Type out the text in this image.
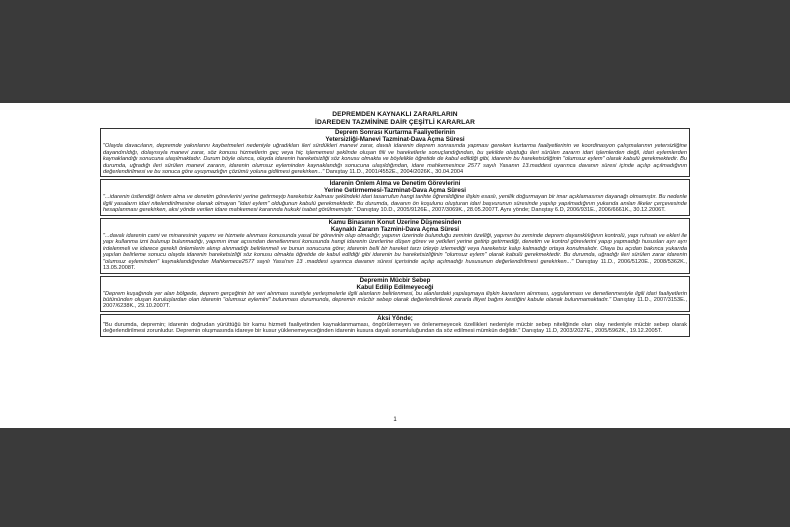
DEPREMDEN KAYNAKLI ZARARLARIN
İDAREDEN TAZMİNİNE DAİR ÇEŞİTLİ KARARLAR
Deprem Sonrası Kurtarma Faaliyetlerinin
Yetersizliği-Manevi Tazminat-Dava Açma Süresi
"Olayda davacıların, depremde yakınlarını kaybetmeleri nedeniyle uğradıkları ileri sürdükleri manevi zarar, davalı idarenin deprem sonrasında yapması gereken kurtarma faaliyetlerinin ve koordinasyon çalışmalarının yetersizliğine dayandırıldığı, dolayısıyla manevi zarar, söz konusu hizmetlerin geç veya hiç işlememesi şeklinde oluşan fiili ve hareketlerle sonuçlandığından, bu şekilde oluştuğu ileri sürülen zararın idari işlemlerden değil, idari eylemlerden kaynaklandığı sonucuna ulaşılmaktadır. Durum böyle olunca, olayda idarenin hareketsizliği söz konusu olmakta ve böylelikle öğretide de kabul edildiği gibi, idarenin bu hareketsizliğinin "olumsuz eylem" olarak kabulü gerekmektedir. Bu durumda, uğradığı ileri sürülen manevi zararın, idarenin olumsuz eyleminden kaynaklandığı sonucuna ulaşıldığından, idare mahkemesince 2577 sayılı Yasanın 13.maddesi uyarınca davanın süresi içinde açılıp açılmadığının değerlendirilmesi ve bu sonuca göre uyuşmazlığın çözümü yoluna gidilmesi gerekirken..." Danıştay 11.D., 2001/4552E., 2004/2026K., 30.04.2004
İdarenin Önlem Alma ve Denetim Görevlerini
Yerine Getirmemesi-Tazminat-Dava Açma Süresi
"...idarenin üstlendiği önlem alma ve denetim görevlerini yerine getirmeyip hareketsiz kalması şeklindeki idari tasarrufun hangi tarihte öğrenildiğine ilişkin esaslı, yenilik doğurmayan bir imar açıklamasının dayanağı olmamıştır. Bu nedenle ilgili yasaların idari nitelendirilmesine olanak olmayan "idari eylem" olduğunun kabulü gerekmektedir. Bu durumda, davanın ön koşulunu oluşturan idari başvurunun süresinde yapılıp yapılmadığının yukarıda anılan ilkeler çerçevesinde hesaplanması gerekirken, aksi yönde verilen idare mahkemesi kararında hukuki isabet görülmemiştir." Danıştay 10.D., 2005/9126E., 2007/3069K., 28.05.2007T. Aynı yönde; Danıştay 6.D, 2006/931E., 2006/6661K., 30.12.2006T.
Kamu Binasının Konut Üzerine Düşmesinden
Kaynaklı Zararın Tazmini-Dava Açma Süresi
"...davalı idarenin cami ve minaresinin yapımı ve hizmete alınması konusunda yasal bir görevinin olup olmadığı; yapının üzerinde bulunduğu zeminin özelliği, yapının bu zeminde deprem dayanıklılığının kontrolü, yapı ruhsatı ve ekleri ile yapı kullanma izni bulunup bulunmadığı, yapımın imar açısından denetlenmesi konusunda hangi idarenin üzerlerine düşen görev ve yetkileri yerine getirip getirmediği, denetim ve kontrol görevlerini yapıp yapmadığı hususları ayrı ayrı irdelenmeli ve idarece gerekli önlemlerin alınıp alınmadığı belirlenmeli ve bunun sonucuna göre; idarenin belli bir hareket tarzı izleyip izlemediği veya hareketsiz kalıp kalmadığı ortaya konulmalıdır. Olaya bu açıdan bakınca yukarıda yapılan belirleme sonucu olayda idarenin hareketsizliği söz konusu olmakta öğretide de kabul edildiği gibi idarenin bu hareketsizliğinin "olumsuz eylem" olarak kabulü gerekmektedir. Bu durumda, uğradığı ileri sürülen zarar idarenin "olumsuz eyleminden" kaynaklandığından Mahkemece2577 sayılı Yasa'nın 13 .maddesi uyarınca davanın süresi içerisinde açılıp açılmadığı hususunun değerlendirilmesi gerekirken..." Danıştay 11.D., 2006/5120E., 2008/5362K., 13.05.2008T.
Depremin Mücbir Sebep
Kabul Edilip Edilmeyeceği
"Deprem kuşağında yer alan bölgede, deprem gerçeğinin bir veri alınması suretiyle yerleşmelerle ilgili alanların belirlenmesi, bu alanlardaki yapılaşmaya ilişkin kararların alınması, uygulanması ve denetlenmesiyle ilgili idari faaliyetlerin bütününden oluşan kuruluşlardan olan idarenin "olumsuz eylemini" bulunması durumunda, depremin mücbir sebep olarak değerlendirilerek zararla illiyet bağını kestiğini kabule olanak bulunmamaktadır." Danıştay 11.D., 2007/3153E., 2007/6238K., 29.10.2007T.
Aksi Yönde;
"Bu durumda, depremin; idarenin doğrudan yürüttüğü bir kamu hizmeti faaliyetinden kaynaklanmaması, öngörülemeyen ve önlenemeyecek özellikleri nedeniyle mücbir sebep niteliğinde olan olay nedeniyle mücbir sebep olarak değerlendirilmesi zorunludur. Depremin oluşmasında idareye bir kusur yüklenemeyeceğinden idarenin kusura dayalı sorumluluğundan da söz edilmesi mümkün değildir." Danıştay 11.D, 2003/2027E., 2005/5962K., 19.12.2005T.
1
